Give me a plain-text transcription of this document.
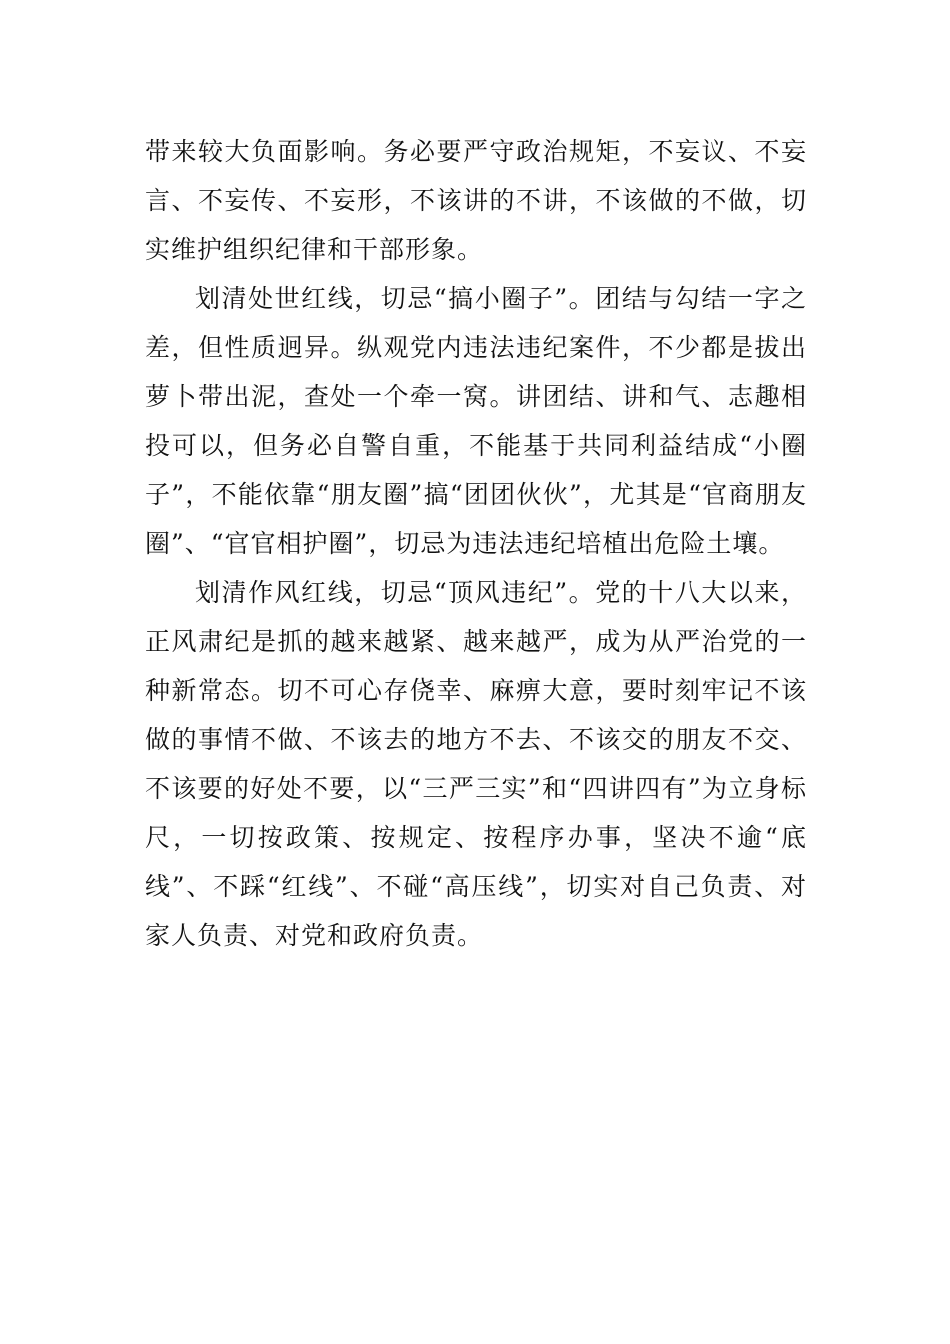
带来较大负面影响。务必要严守政治规矩，不妄议、不妄言、不妄传、不妄形，不该讲的不讲，不该做的不做，切实维护组织纪律和干部形象。

划清处世红线，切忌“搞小圈子”。团结与勾结一字之差，但性质迥异。纵观党内违法违纪案件，不少都是拔出萝卜带出泥，查处一个牵一窝。讲团结、讲和气、志趣相投可以，但务必自警自重，不能基于共同利益结成“小圈子”，不能依靠“朋友圈”搞“团团伙伙”，尤其是“官商朋友圈”、“官官相护圈”，切忌为违法违纪培植出危险土壤。

划清作风红线，切忌“顶风违纪”。党的十八大以来，正风肃纪是抓的越来越紧、越来越严，成为从严治党的一种新常态。切不可心存侥幸、麻痹大意，要时刻牢记不该做的事情不做、不该去的地方不去、不该交的朋友不交、不该要的好处不要，以“三严三实”和“四讲四有”为立身标尺，一切按政策、按规定、按程序办事，坚决不逾“底线”、不踩“红线”、不碰“高压线”，切实对自己负责、对家人负责、对党和政府负责。
